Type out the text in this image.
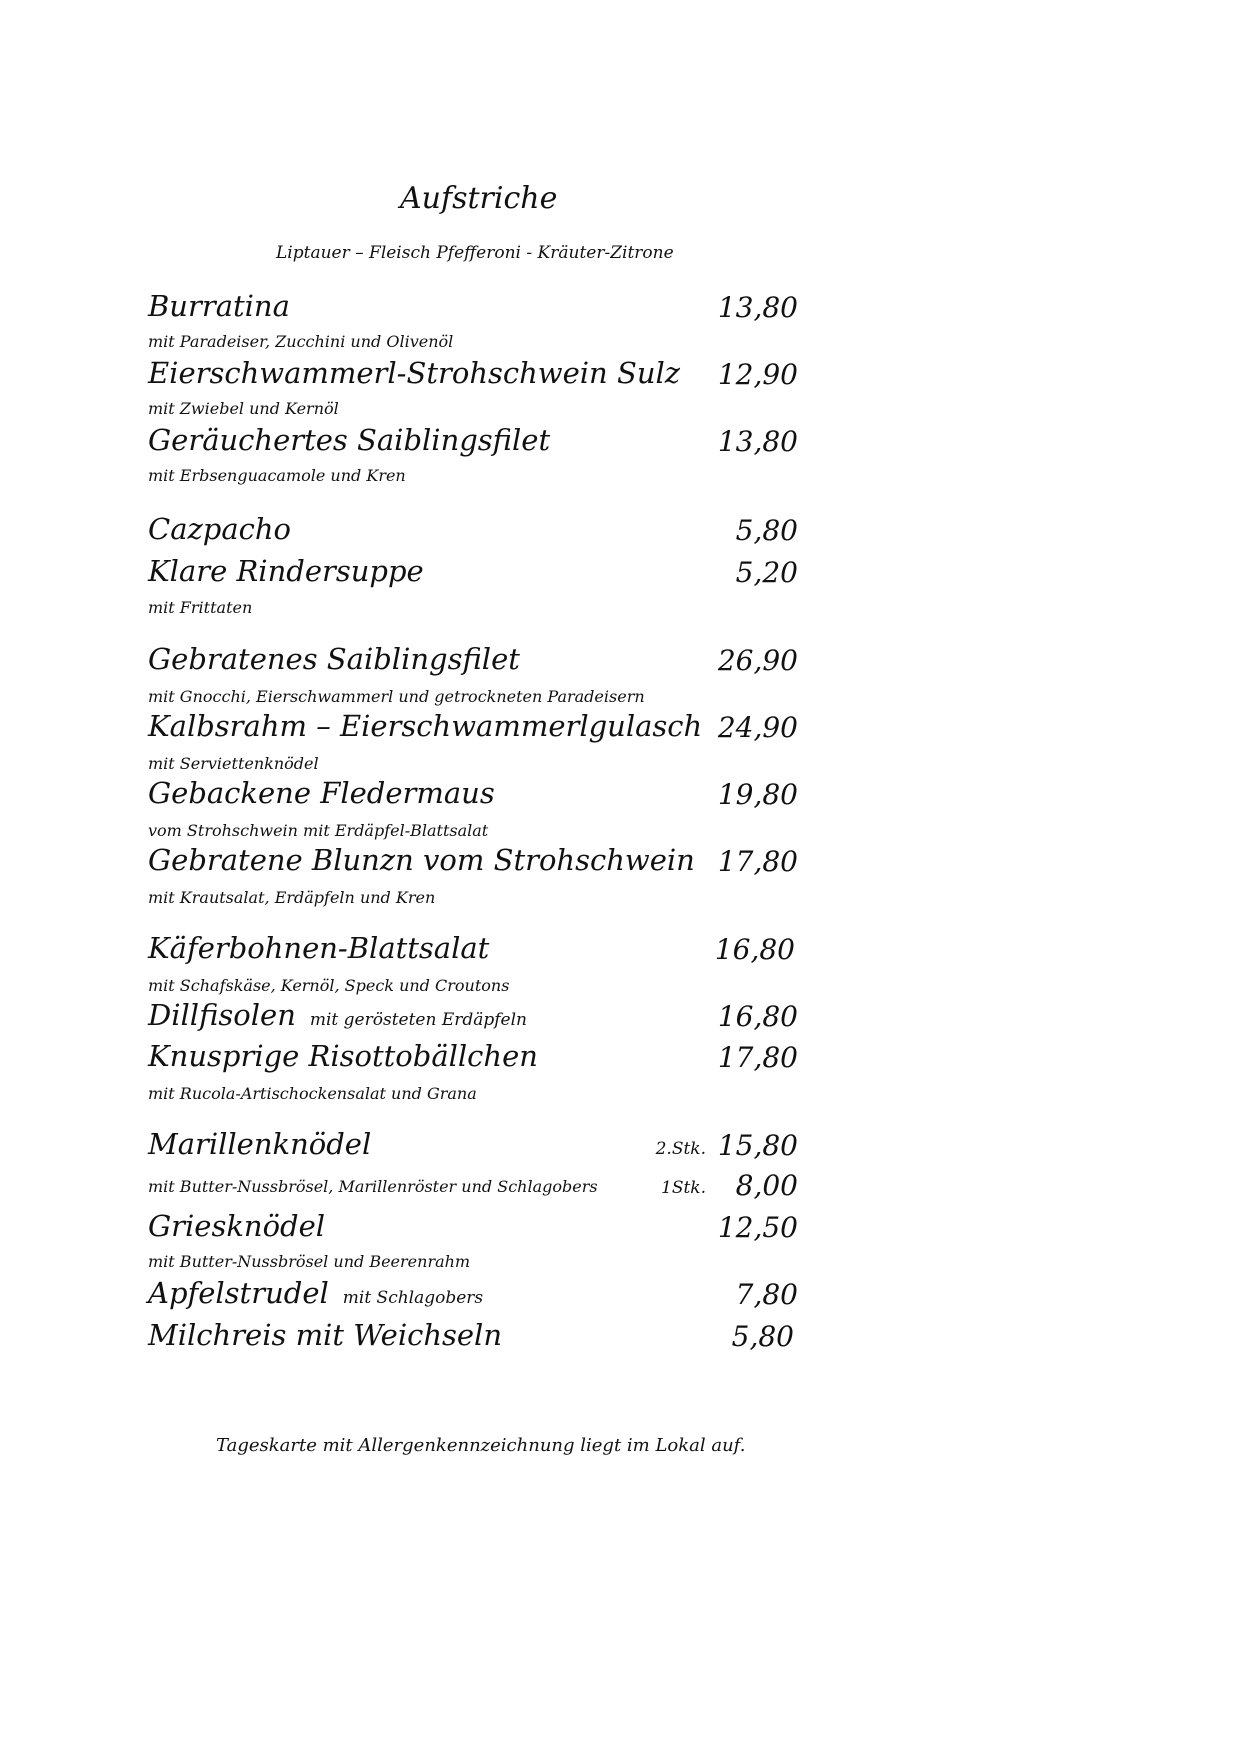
Aufstriche
Liptauer – Fleisch Pfefferoni - Kräuter-Zitrone
Burratina	13,80
mit Paradeiser, Zucchini und Olivenöl
Eierschwammerl-Strohschwein Sulz	12,90
mit Zwiebel und Kernöl
Geräuchertes Saiblingsfilet	13,80
mit Erbsenguacamole und Kren
Cazpacho	5,80
Klare Rindersuppe	5,20
mit Frittaten
Gebratenes Saiblingsfilet	26,90
mit Gnocchi, Eierschwammerl und getrockneten Paradeisern
Kalbsrahm – Eierschwammerlgulasch 24,90
mit Serviettenknödel
Gebackene Fledermaus	19,80
vom Strohschwein mit Erdäpfel-Blattsalat
Gebratene Blunzn vom Strohschwein 17,80
mit Krautsalat, Erdäpfeln und Kren
Käferbohnen-Blattsalat	16,80
mit Schafskäse, Kernöl, Speck und Croutons
Dillfisolen mit gerösteten Erdäpfeln	16,80
Knusprige Risottobällchen	17,80
mit Rucola-Artischockensalat und Grana
Marillenknödel	2.Stk. 15,80
mit Butter-Nussbrösel, Marillenröster und Schlagobers	1Stk.	8,00
Griesknödel	12,50
mit Butter-Nussbrösel und Beerenrahm
Apfelstrudel mit Schlagobers	7,80
Milchreis mit Weichseln	5,80
Tageskarte mit Allergenkennzeichnung liegt im Lokal auf.
